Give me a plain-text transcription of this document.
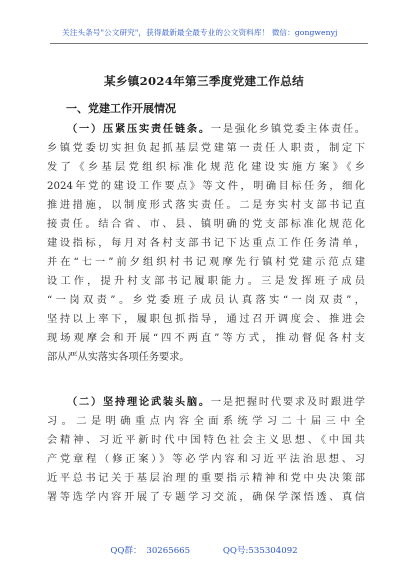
关注头条号"公文研究"，获得最新最全最专业的公文资料库！ 微信：gongwenyj
某乡镇2024年第三季度党建工作总结
一、党建工作开展情况
（一）压紧压实责任链条。一是强化乡镇党委主体责任。
乡镇党委切实担负起抓基层党建第一责任人职责，制定下
发了《乡基层党组织标准化规范化建设实施方案》《乡
2024年党的建设工作要点》等文件，明确目标任务，细化
推进措施，以制度形式落实责任。二是夯实村支部书记直
接责任。结合省、市、县、镇明确的党支部标准化规范化
建设指标，每月对各村支部书记下达重点工作任务清单，
并在“七一”前夕组织村书记观摩先行镇村党建示范点建
设工作，提升村支部书记履职能力。三是发挥班子成员
“一岗双责”。乡党委班子成员认真落实“一岗双责”，
坚持以上率下，履职包抓指导，通过召开调度会、推进会
现场观摩会和开展“四不两直”等方式，推动督促各村支
部从严从实落实各项任务要求。
（二）坚持理论武装头脑。一是把握时代要求及时跟进学
习。二是明确重点内容全面系统学习二十届三中全
会精神、习近平新时代中国特色社会主义思想、《中国共
产党章程（修正案）》等必学内容和习近平法治思想、习
近平总书记关于基层治理的重要指示精神和党中央决策部
署等选学内容开展了专题学习交流，确保学深悟透、真信
QQ群： 30265665	QQ号:535304092
